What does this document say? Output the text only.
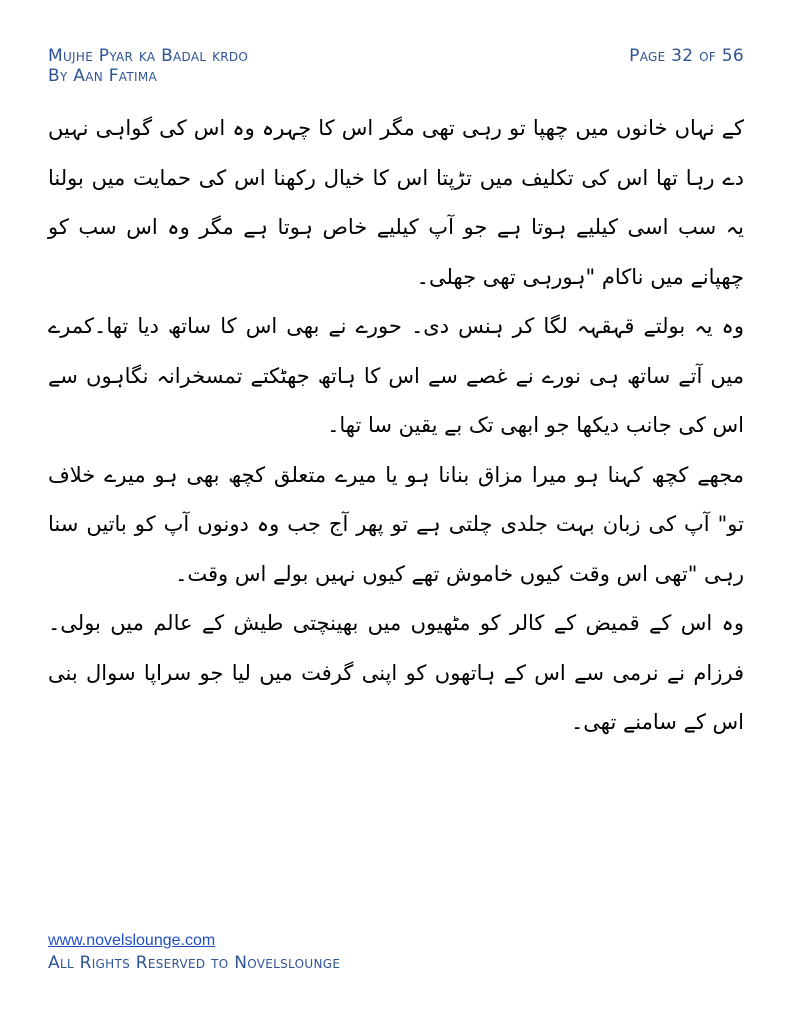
Mujhe Pyar ka Badal krdo
By Aan Fatima
Page 32 of 56

کے نہاں خانوں میں چھپا تو رہی تھی مگر اس کا چہرہ وہ اس کی گواہی نہیں دے رہا تھا اس کی تکلیف میں تڑپتا اس کا خیال رکھنا اس کی حمایت میں بولنا یہ سب اسی کیلیے ہوتا ہے جو آپ کیلیے خاص ہوتا ہے مگر وہ اس سب کو چھپانے میں ناکام "ہورہی تھی جھلی۔

وہ یہ بولتے قہقہہ لگا کر ہنس دی۔ حورے نے بھی اس کا ساتھ دیا تھا۔کمرے میں آتے ساتھ ہی نورے نے غصے سے اس کا ہاتھ جھٹکتے تمسخرانہ نگاہوں سے اس کی جانب دیکھا جو ابھی تک بے یقین سا تھا۔

مجھے کچھ کہنا ہو میرا مزاق بنانا ہو یا میرے متعلق کچھ بھی ہو میرے خلاف تو" آپ کی زبان بہت جلدی چلتی ہے تو پھر آج جب وہ دونوں آپ کو باتیں سنا رہی "تھی اس وقت کیوں خاموش تھے کیوں نہیں بولے اس وقت۔

وہ اس کے قمیض کے کالر کو مٹھیوں میں بھینچتی طیش کے عالم میں بولی۔ فرزام نے نرمی سے اس کے ہاتھوں کو اپنی گرفت میں لیا جو سراپا سوال بنی اس کے سامنے تھی۔

www.novelslounge.com
All Rights Reserved to Novelslounge
